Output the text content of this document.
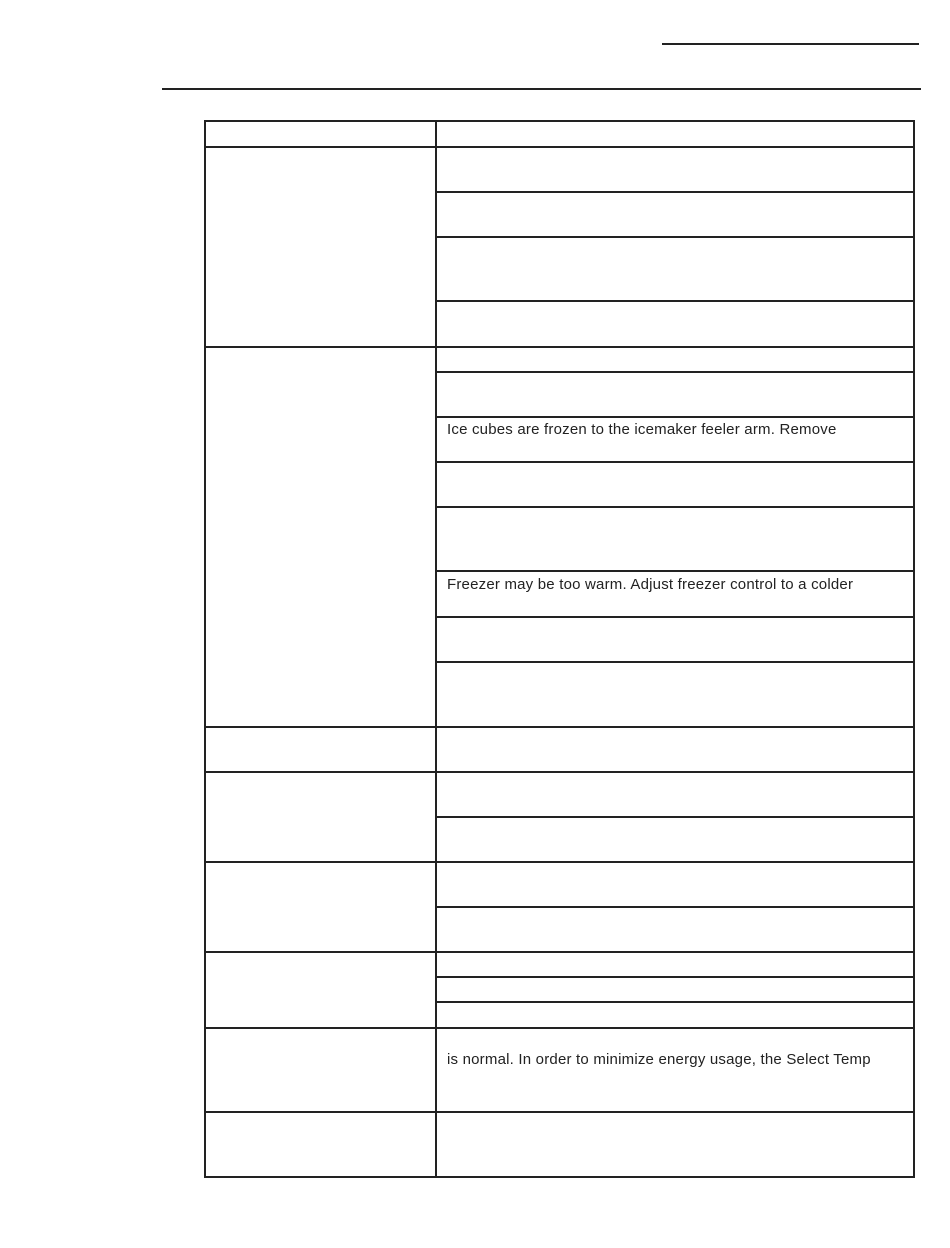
Ice cubes are frozen to the icemaker feeler arm. Remove
Freezer may be too warm. Adjust freezer control to a colder
is normal. In order to minimize energy usage, the Select Temp
